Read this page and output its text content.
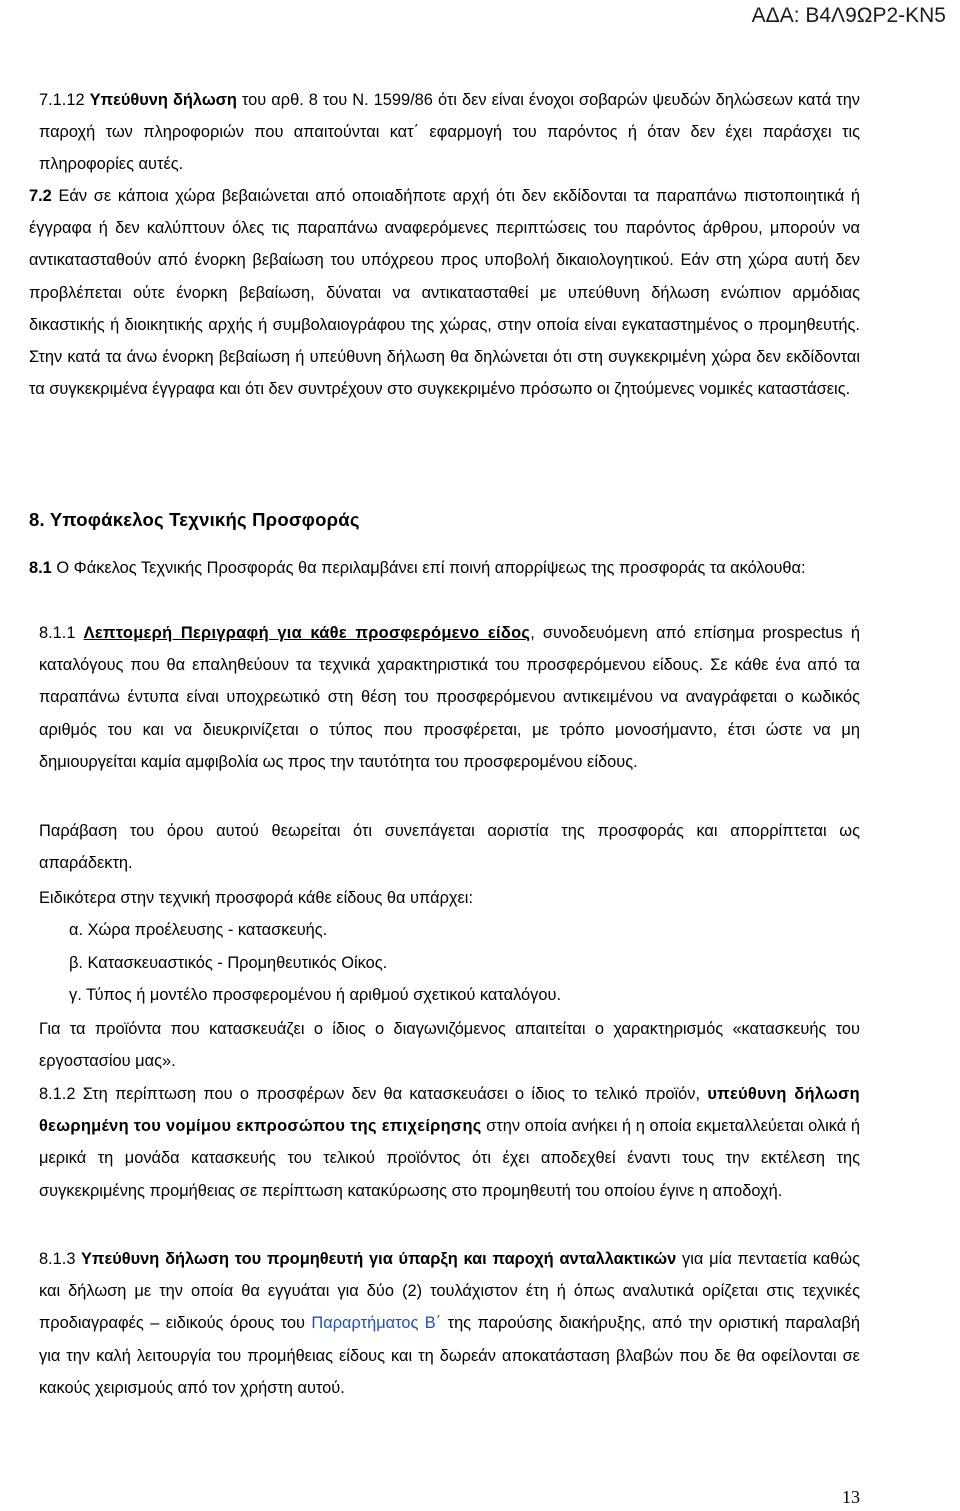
ΑΔΑ: Β4Λ9ΩΡ2-ΚΝ5

7.1.12 Υπεύθυνη δήλωση του αρθ. 8 του Ν. 1599/86 ότι δεν είναι ένοχοι σοβαρών ψευδών δηλώσεων κατά την παροχή των πληροφοριών που απαιτούνται κατ΄ εφαρμογή του παρόντος ή όταν δεν έχει παράσχει τις πληροφορίες αυτές.

7.2 Εάν σε κάποια χώρα βεβαιώνεται από οποιαδήποτε αρχή ότι δεν εκδίδονται τα παραπάνω πιστοποιητικά ή έγγραφα ή δεν καλύπτουν όλες τις παραπάνω αναφερόμενες περιπτώσεις του παρόντος άρθρου, μπορούν να αντικατασταθούν από ένορκη βεβαίωση του υπόχρεου προς υποβολή δικαιολογητικού. Εάν στη χώρα αυτή δεν προβλέπεται ούτε ένορκη βεβαίωση, δύναται να αντικατασταθεί με υπεύθυνη δήλωση ενώπιον αρμόδιας δικαστικής ή διοικητικής αρχής ή συμβολαιογράφου της χώρας, στην οποία είναι εγκαταστημένος ο προμηθευτής. Στην κατά τα άνω ένορκη βεβαίωση ή υπεύθυνη δήλωση θα δηλώνεται ότι στη συγκεκριμένη χώρα δεν εκδίδονται τα συγκεκριμένα έγγραφα και ότι δεν συντρέχουν στο συγκεκριμένο πρόσωπο οι ζητούμενες νομικές καταστάσεις.

8. Υποφάκελος Τεχνικής Προσφοράς

8.1 Ο Φάκελος Τεχνικής Προσφοράς θα περιλαμβάνει επί ποινή απορρίψεως της προσφοράς τα ακόλουθα:

8.1.1 Λεπτομερή Περιγραφή για κάθε προσφερόμενο είδος, συνοδευόμενη από επίσημα prospectus ή καταλόγους που θα επαληθεύουν τα τεχνικά χαρακτηριστικά του προσφερόμενου είδους. Σε κάθε ένα από τα παραπάνω έντυπα είναι υποχρεωτικό στη θέση του προσφερόμενου αντικειμένου να αναγράφεται ο κωδικός αριθμός του και να διευκρινίζεται ο τύπος που προσφέρεται, με τρόπο μονοσήμαντο, έτσι ώστε να μη δημιουργείται καμία αμφιβολία ως προς την ταυτότητα του προσφερομένου είδους.

Παράβαση του όρου αυτού θεωρείται ότι συνεπάγεται αοριστία της προσφοράς και απορρίπτεται ως απαράδεκτη.

Ειδικότερα στην τεχνική προσφορά κάθε είδους θα υπάρχει:

α. Χώρα προέλευσης - κατασκευής.

β. Κατασκευαστικός - Προμηθευτικός Οίκος.

γ. Τύπος ή μοντέλο προσφερομένου ή αριθμού σχετικού καταλόγου.

Για τα προϊόντα που κατασκευάζει ο ίδιος ο διαγωνιζόμενος απαιτείται ο χαρακτηρισμός «κατασκευής του εργοστασίου μας».

8.1.2 Στη περίπτωση που ο προσφέρων δεν θα κατασκευάσει ο ίδιος το τελικό προϊόν, υπεύθυνη δήλωση θεωρημένη του νομίμου εκπροσώπου της επιχείρησης στην οποία ανήκει ή η οποία εκμεταλλεύεται ολικά ή μερικά τη μονάδα κατασκευής του τελικού προϊόντος ότι έχει αποδεχθεί έναντι τους την εκτέλεση της συγκεκριμένης προμήθειας σε περίπτωση κατακύρωσης στο προμηθευτή του οποίου έγινε η αποδοχή.

8.1.3 Υπεύθυνη δήλωση του προμηθευτή για ύπαρξη και παροχή ανταλλακτικών για μία πενταετία καθώς και δήλωση με την οποία θα εγγυάται για δύο (2) τουλάχιστον έτη ή όπως αναλυτικά ορίζεται στις τεχνικές προδιαγραφές – ειδικούς όρους του Παραρτήματος Β΄ της παρούσης διακήρυξης, από την οριστική παραλαβή για την καλή λειτουργία του προμήθειας είδους και τη δωρεάν αποκατάσταση βλαβών που δε θα οφείλονται σε κακούς χειρισμούς από τον χρήστη αυτού.

13
